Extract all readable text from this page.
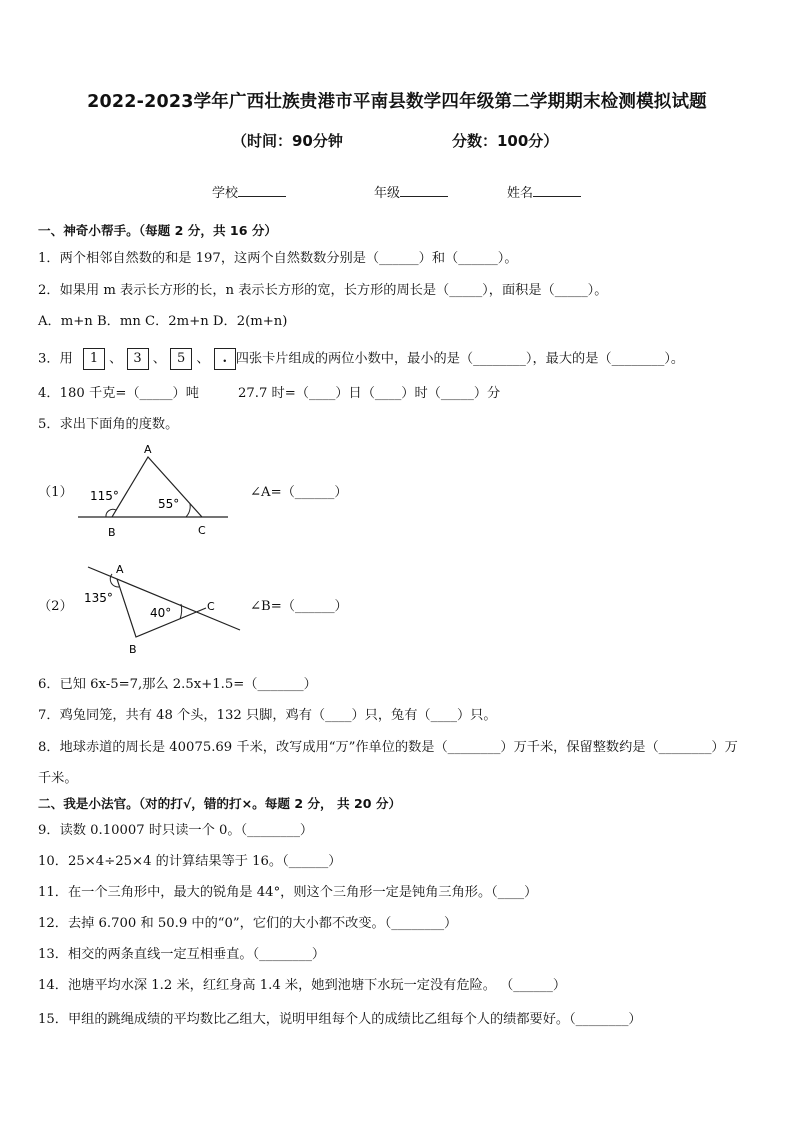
2022-2023学年广西壮族贵港市平南县数学四年级第二学期期末检测模拟试题
（时间：90分钟	分数：100分）
学校	年级	姓名
一、神奇小帮手。（每题 2 分，共 16 分）
1．两个相邻自然数的和是 197，这两个自然数数分别是（______）和（______）。
2．如果用 m 表示长方形的长，n 表示长方形的宽，长方形的周长是（_____），面积是（_____）。
A．m+n B．mn C．2m+n D．2(m+n)
3．用 1 、 3 、 5 、 . 四张卡片组成的两位小数中，最小的是（________），最大的是（________）。
4．180 千克=（_____）吨	27.7 时=（____）日（____）时（_____）分
5．求出下面角的度数。
（1）
A
B	C
115°
55°
∠A=（______）
（2）
A
B
C
135°
40°	∠B=（______）
6．已知 6x-5=7,那么 2.5x+1.5=（_______）
7．鸡兔同笼，共有 48 个头，132 只脚，鸡有（____）只，兔有（____）只。
8．地球赤道的周长是 40075.69 千米，改写成用“万”作单位的数是（________）万千米，保留整数约是（________）万
千米。
二、我是小法官。（对的打√，错的打×。每题 2 分， 共 20 分）
9．读数 0.10007 时只读一个 0。（________）
10．25×4÷25×4 的计算结果等于 16。（______）
11．在一个三角形中，最大的锐角是 44°，则这个三角形一定是钝角三角形。（____）
12．去掉 6.700 和 50.9 中的“0”，它们的大小都不改变。（________）
13．相交的两条直线一定互相垂直。（________）
14．池塘平均水深 1.2 米，红红身高 1.4 米，她到池塘下水玩一定没有危险。 （______）
15．甲组的跳绳成绩的平均数比乙组大，说明甲组每个人的成绩比乙组每个人的绩都要好。（________）
